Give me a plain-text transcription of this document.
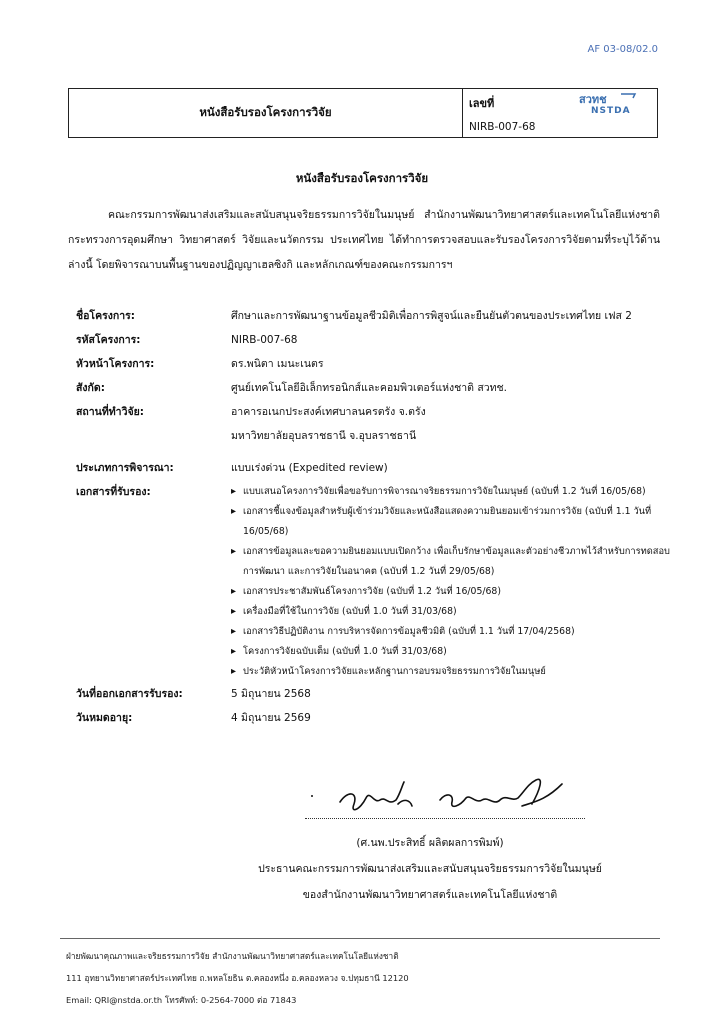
AF 03-08/02.0
หนังสือรับรองโครงการวิจัย
เลขที่
NIRB-007-68
สวทช
NSTDA
หนังสือรับรองโครงการวิจัย
คณะกรรมการพัฒนาส่งเสริมและสนับสนุนจริยธรรมการวิจัยในมนุษย์ สำนักงานพัฒนาวิทยาศาสตร์และเทคโนโลยีแห่งชาติ กระทรวงการอุดมศึกษา วิทยาศาสตร์ วิจัยและนวัตกรรม ประเทศไทย ได้ทำการตรวจสอบและรับรองโครงการวิจัยตามที่ระบุไว้ด้านล่างนี้ โดยพิจารณาบนพื้นฐานของปฏิญญาเฮลซิงกิ และหลักเกณฑ์ของคณะกรรมการฯ
ชื่อโครงการ:	ศึกษาและการพัฒนาฐานข้อมูลชีวมิติเพื่อการพิสูจน์และยืนยันตัวตนของประเทศไทย เฟส 2
รหัสโครงการ:	NIRB-007-68
หัวหน้าโครงการ:	ดร.พนิตา เมนะเนตร
สังกัด:	ศูนย์เทคโนโลยีอิเล็กทรอนิกส์และคอมพิวเตอร์แห่งชาติ สวทช.
สถานที่ทำวิจัย:	อาคารอเนกประสงค์เทศบาลนครตรัง จ.ตรัง
มหาวิทยาลัยอุบลราชธานี จ.อุบลราชธานี
ประเภทการพิจารณา:	แบบเร่งด่วน (Expedited review)
เอกสารที่รับรอง:
▸	แบบเสนอโครงการวิจัยเพื่อขอรับการพิจารณาจริยธรรมการวิจัยในมนุษย์ (ฉบับที่ 1.2 วันที่ 16/05/68)
▸ เอกสารชี้แจงข้อมูลสำหรับผู้เข้าร่วมวิจัยและหนังสือแสดงความยินยอมเข้าร่วมการวิจัย (ฉบับที่ 1.1 วันที่ 16/05/68)
▸ เอกสารข้อมูลและขอความยินยอมแบบเปิดกว้าง เพื่อเก็บรักษาข้อมูลและตัวอย่างชีวภาพไว้สำหรับการทดสอบ การพัฒนา และการวิจัยในอนาคต (ฉบับที่ 1.2 วันที่ 29/05/68)
▸ เอกสารประชาสัมพันธ์โครงการวิจัย (ฉบับที่ 1.2 วันที่ 16/05/68)
▸ เครื่องมือที่ใช้ในการวิจัย (ฉบับที่ 1.0 วันที่ 31/03/68)
▸ เอกสารวิธีปฏิบัติงาน การบริหารจัดการข้อมูลชีวมิติ (ฉบับที่ 1.1 วันที่ 17/04/2568)
▸ โครงการวิจัยฉบับเต็ม (ฉบับที่ 1.0 วันที่ 31/03/68)
▸ ประวัติหัวหน้าโครงการวิจัยและหลักฐานการอบรมจริยธรรมการวิจัยในมนุษย์
วันที่ออกเอกสารรับรอง:	5 มิถุนายน 2568
วันหมดอายุ:	4 มิถุนายน 2569
(ศ.นพ.ประสิทธิ์ ผลิตผลการพิมพ์)
ประธานคณะกรรมการพัฒนาส่งเสริมและสนับสนุนจริยธรรมการวิจัยในมนุษย์
ของสำนักงานพัฒนาวิทยาศาสตร์และเทคโนโลยีแห่งชาติ
ฝ่ายพัฒนาคุณภาพและจริยธรรมการวิจัย สำนักงานพัฒนาวิทยาศาสตร์และเทคโนโลยีแห่งชาติ
111 อุทยานวิทยาศาสตร์ประเทศไทย ถ.พหลโยธิน ต.คลองหนึ่ง อ.คลองหลวง จ.ปทุมธานี 12120
Email: QRI@nstda.or.th โทรศัพท์: 0-2564-7000 ต่อ 71843
